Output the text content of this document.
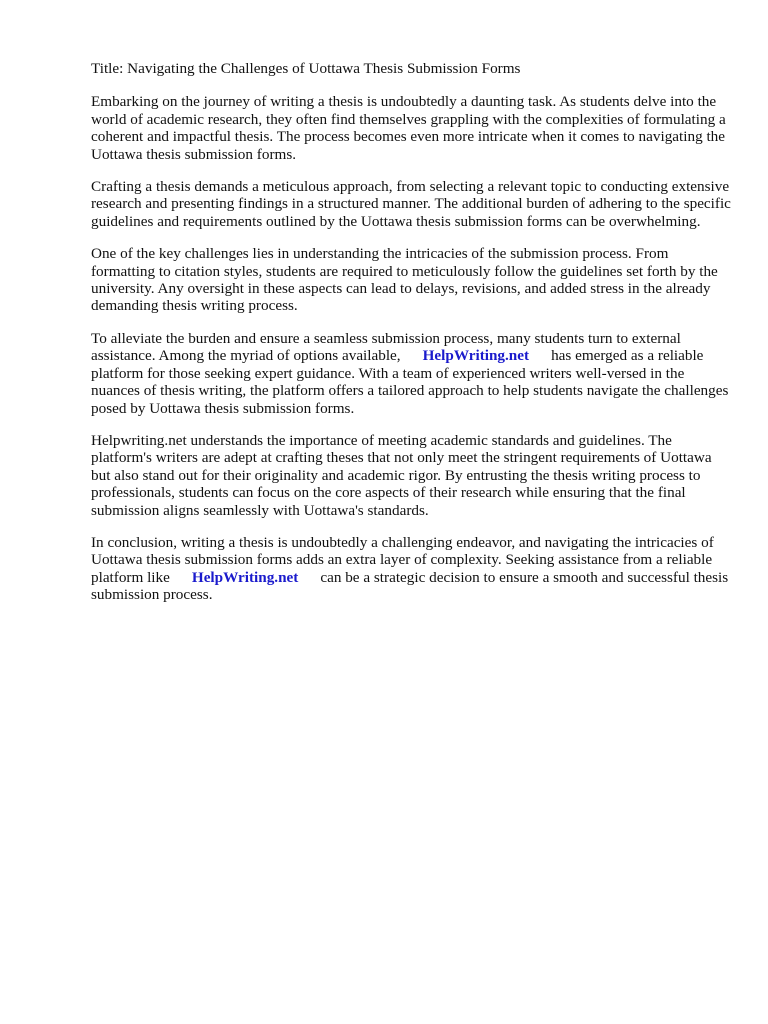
Title: Navigating the Challenges of Uottawa Thesis Submission Forms

Embarking on the journey of writing a thesis is undoubtedly a daunting task. As students delve into the world of academic research, they often find themselves grappling with the complexities of formulating a coherent and impactful thesis. The process becomes even more intricate when it comes to navigating the Uottawa thesis submission forms.

Crafting a thesis demands a meticulous approach, from selecting a relevant topic to conducting extensive research and presenting findings in a structured manner. The additional burden of adhering to the specific guidelines and requirements outlined by the Uottawa thesis submission forms can be overwhelming.

One of the key challenges lies in understanding the intricacies of the submission process. From formatting to citation styles, students are required to meticulously follow the guidelines set forth by the university. Any oversight in these aspects can lead to delays, revisions, and added stress in the already demanding thesis writing process.

To alleviate the burden and ensure a seamless submission process, many students turn to external assistance. Among the myriad of options available, HelpWriting.net has emerged as a reliable platform for those seeking expert guidance. With a team of experienced writers well-versed in the nuances of thesis writing, the platform offers a tailored approach to help students navigate the challenges posed by Uottawa thesis submission forms.

Helpwriting.net understands the importance of meeting academic standards and guidelines. The platform's writers are adept at crafting theses that not only meet the stringent requirements of Uottawa but also stand out for their originality and academic rigor. By entrusting the thesis writing process to professionals, students can focus on the core aspects of their research while ensuring that the final submission aligns seamlessly with Uottawa's standards.

In conclusion, writing a thesis is undoubtedly a challenging endeavor, and navigating the intricacies of Uottawa thesis submission forms adds an extra layer of complexity. Seeking assistance from a reliable platform like HelpWriting.net can be a strategic decision to ensure a smooth and successful thesis submission process.
